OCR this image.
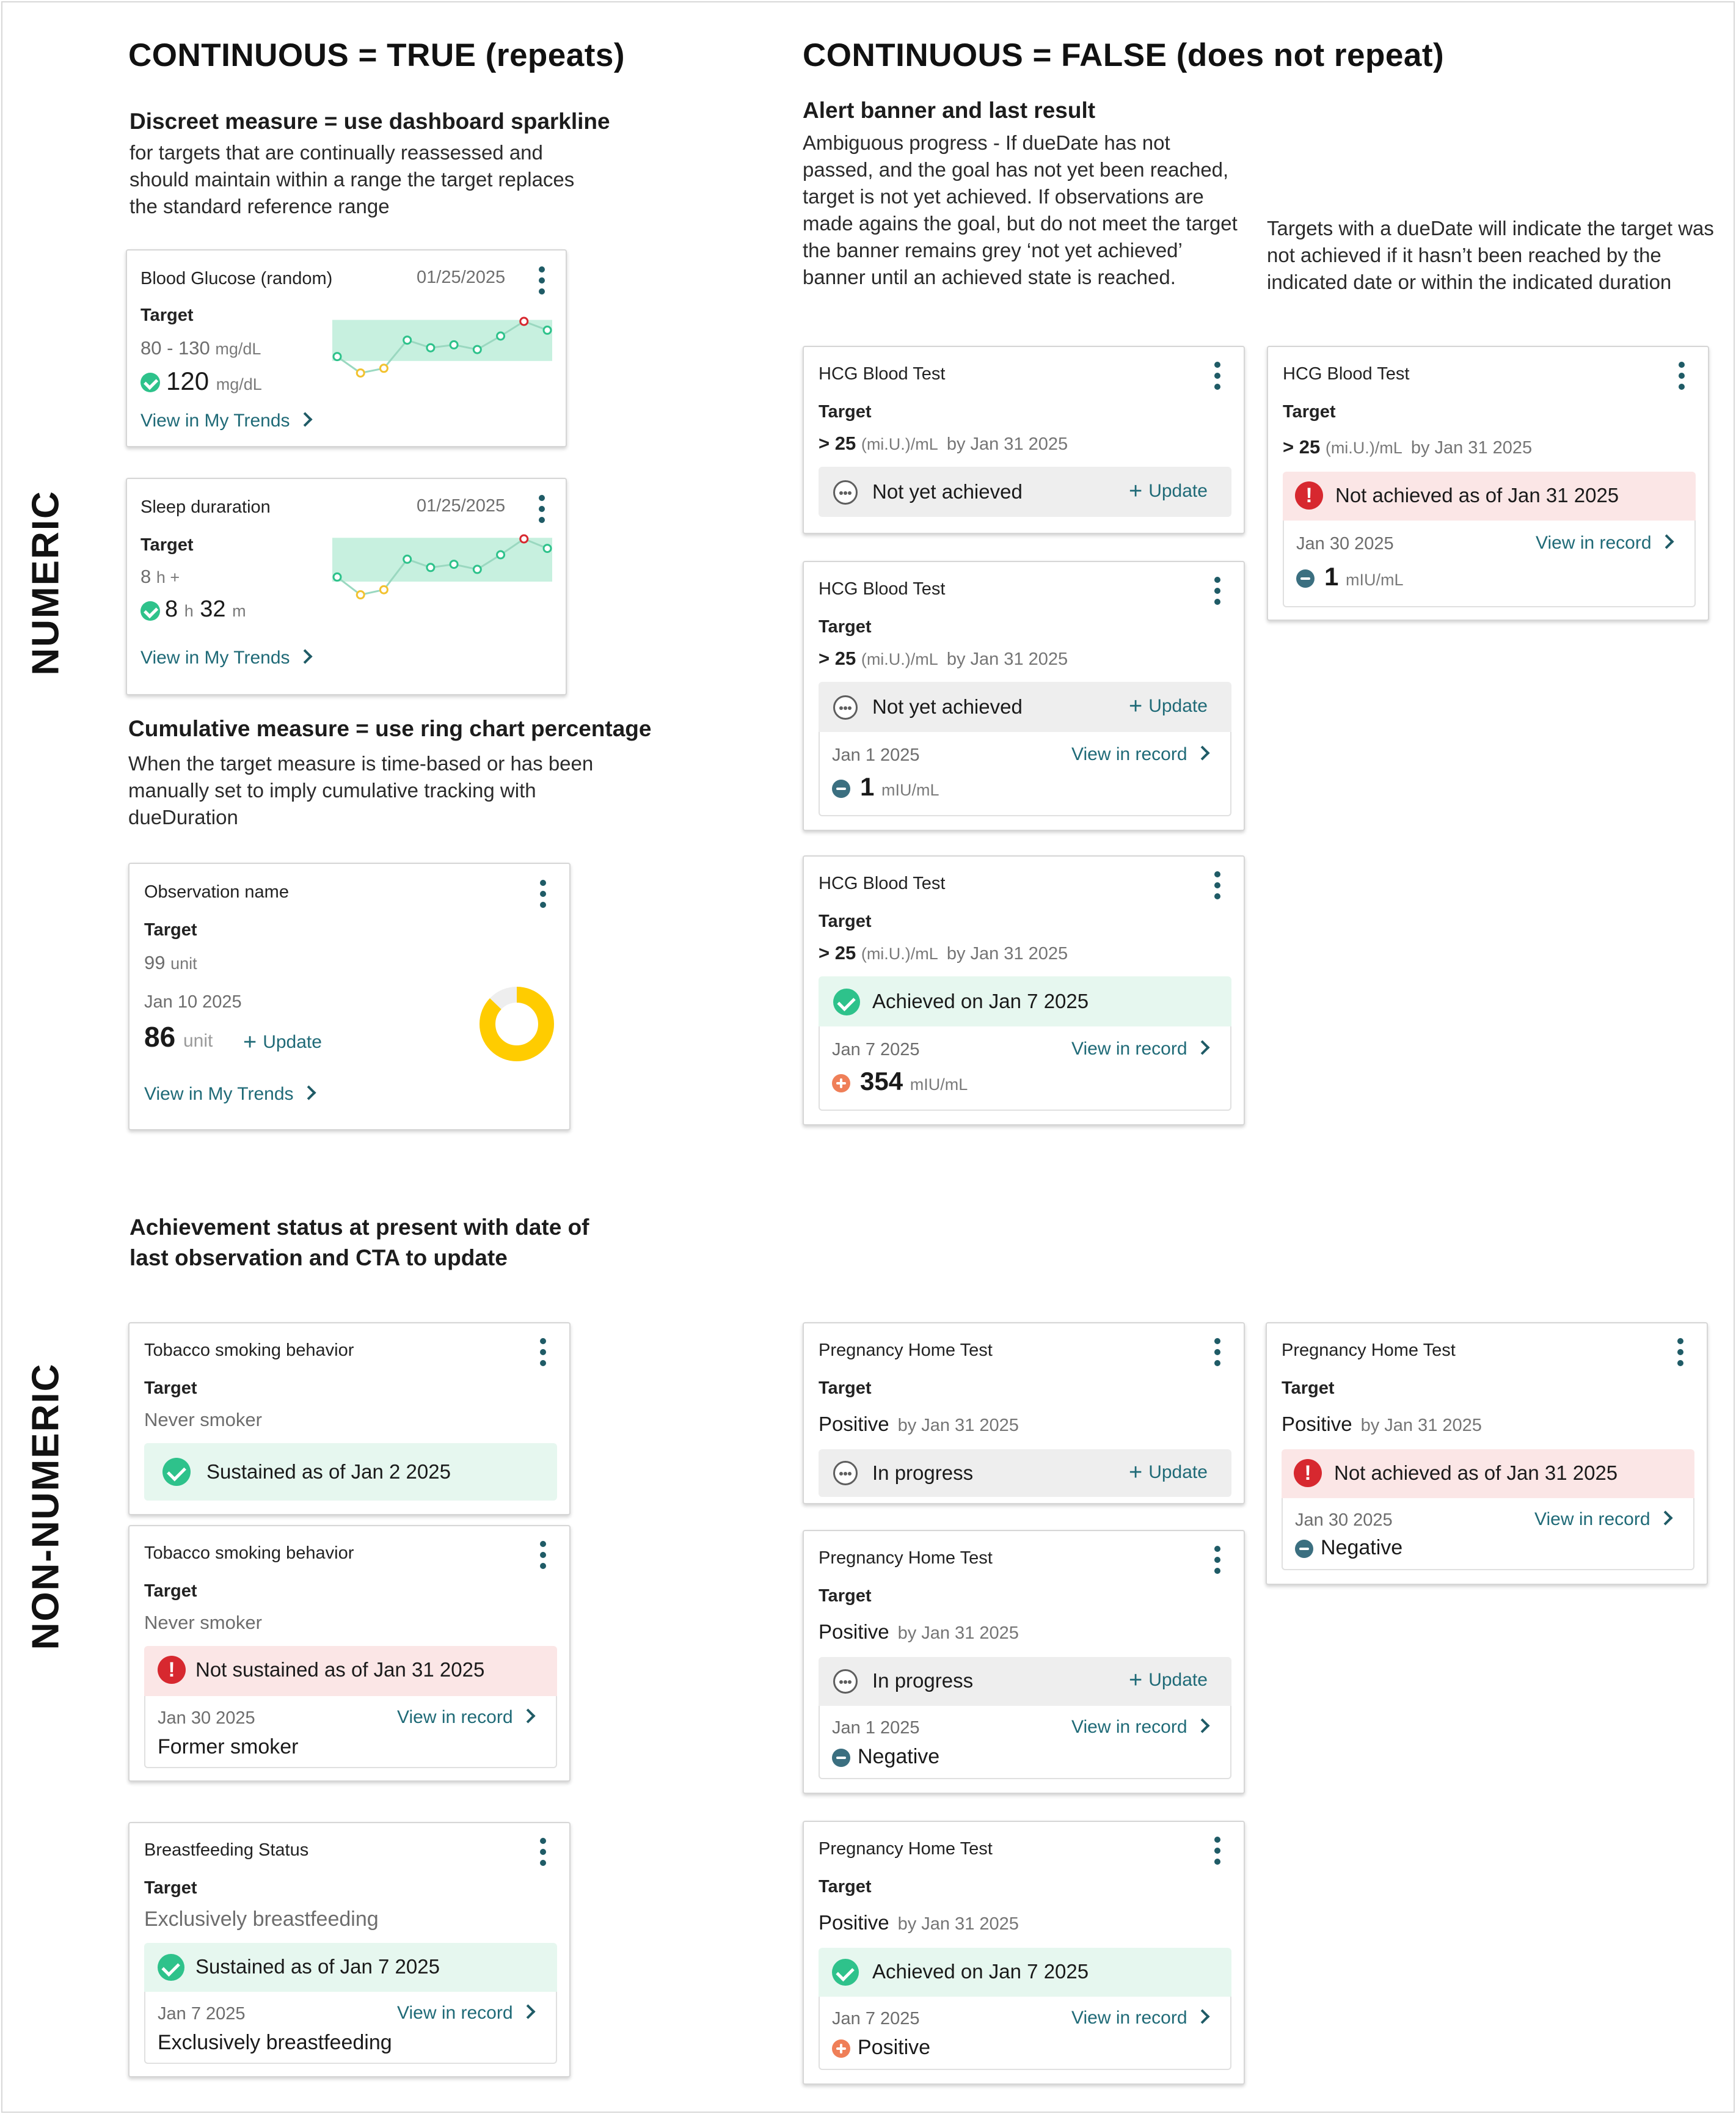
CONTINUOUS = TRUE (repeats)	CONTINUOUS = FALSE (does not repeat)
NUMERIC
NON-NUMERIC
Discreet measure = use dashboard sparkline
for targets that are continually reassessed and should maintain within a range the target replaces the standard reference range
Cumulative measure = use ring chart percentage
When the target measure is time-based or has been manually set to imply cumulative tracking with dueDuration
Alert banner and last result
Ambiguous progress - If dueDate has not passed, and the goal has not yet been reached, target is not yet achieved. If observations are made agains the goal, but do not meet the target the banner remains grey ‘not yet achieved’ banner until an achieved state is reached.
Targets with a dueDate will indicate the target was not achieved if it hasn’t been reached by the indicated date or within the indicated duration
Achievement status at present with date of last observation and CTA to update
Blood Glucose (random)	01/25/2025
Target
80 - 130 mg/dL
120 mg/dL
View in My Trends
Sleep duraration	01/25/2025
Target
8 h +
8 h 32 m
View in My Trends
Observation name
Target
99 unit
Jan 10 2025
86 unit + Update
View in My Trends
HCG Blood Test
Target
> 25 (mi.U.)/mL by Jan 31 2025
Not yet achieved	+ Update
HCG Blood Test
Target
> 25 (mi.U.)/mL by Jan 31 2025
Not yet achieved	+ Update
Jan 1 2025	View in record
1 mIU/mL
HCG Blood Test
Target
> 25 (mi.U.)/mL by Jan 31 2025
Achieved on Jan 7 2025
Jan 7 2025	View in record
354 mIU/mL
HCG Blood Test
Target
> 25 (mi.U.)/mL by Jan 31 2025
!	Not achieved as of Jan 31 2025
Jan 30 2025	View in record
1 mIU/mL
Tobacco smoking behavior
Target
Never smoker
Sustained as of Jan 2 2025
Tobacco smoking behavior
Target
Never smoker
!	Not sustained as of Jan 31 2025
Jan 30 2025	View in record
Former smoker
Breastfeeding Status
Target
Exclusively breastfeeding
Sustained as of Jan 7 2025
Jan 7 2025	View in record
Exclusively breastfeeding
Pregnancy Home Test
Target
Positive by Jan 31 2025
In progress	+ Update
Pregnancy Home Test
Target
Positive by Jan 31 2025
In progress	+ Update
Jan 1 2025	View in record
Negative
Pregnancy Home Test
Target
Positive by Jan 31 2025
Achieved on Jan 7 2025
Jan 7 2025	View in record
Positive
Pregnancy Home Test
Target
Positive by Jan 31 2025
!	Not achieved as of Jan 31 2025
Jan 30 2025	View in record
Negative
